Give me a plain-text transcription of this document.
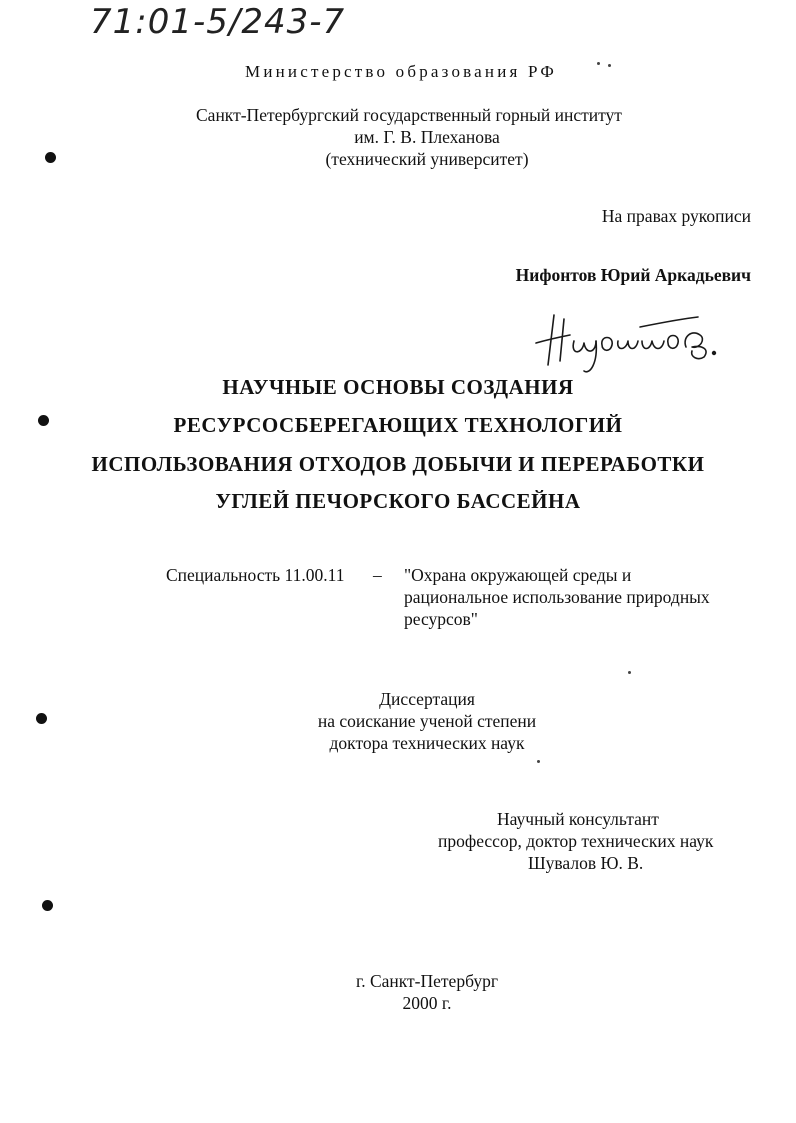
71:01-5/243-7
Министерство образования РФ
Санкт-Петербургский государственный горный институт
им. Г. В. Плеханова
(технический университет)
На правах рукописи
Нифонтов Юрий Аркадьевич
НАУЧНЫЕ ОСНОВЫ СОЗДАНИЯ
РЕСУРСОСБЕРЕГАЮЩИХ ТЕХНОЛОГИЙ
ИСПОЛЬЗОВАНИЯ ОТХОДОВ ДОБЫЧИ И ПЕРЕРАБОТКИ
УГЛЕЙ ПЕЧОРСКОГО БАССЕЙНА
Специальность 11.00.11 – "Охрана окружающей среды и
рациональное использование природных
ресурсов"
Диссертация
на соискание ученой степени
доктора технических наук
Научный консультант
профессор, доктор технических наук
Шувалов Ю. В.
г. Санкт-Петербург
2000 г.
